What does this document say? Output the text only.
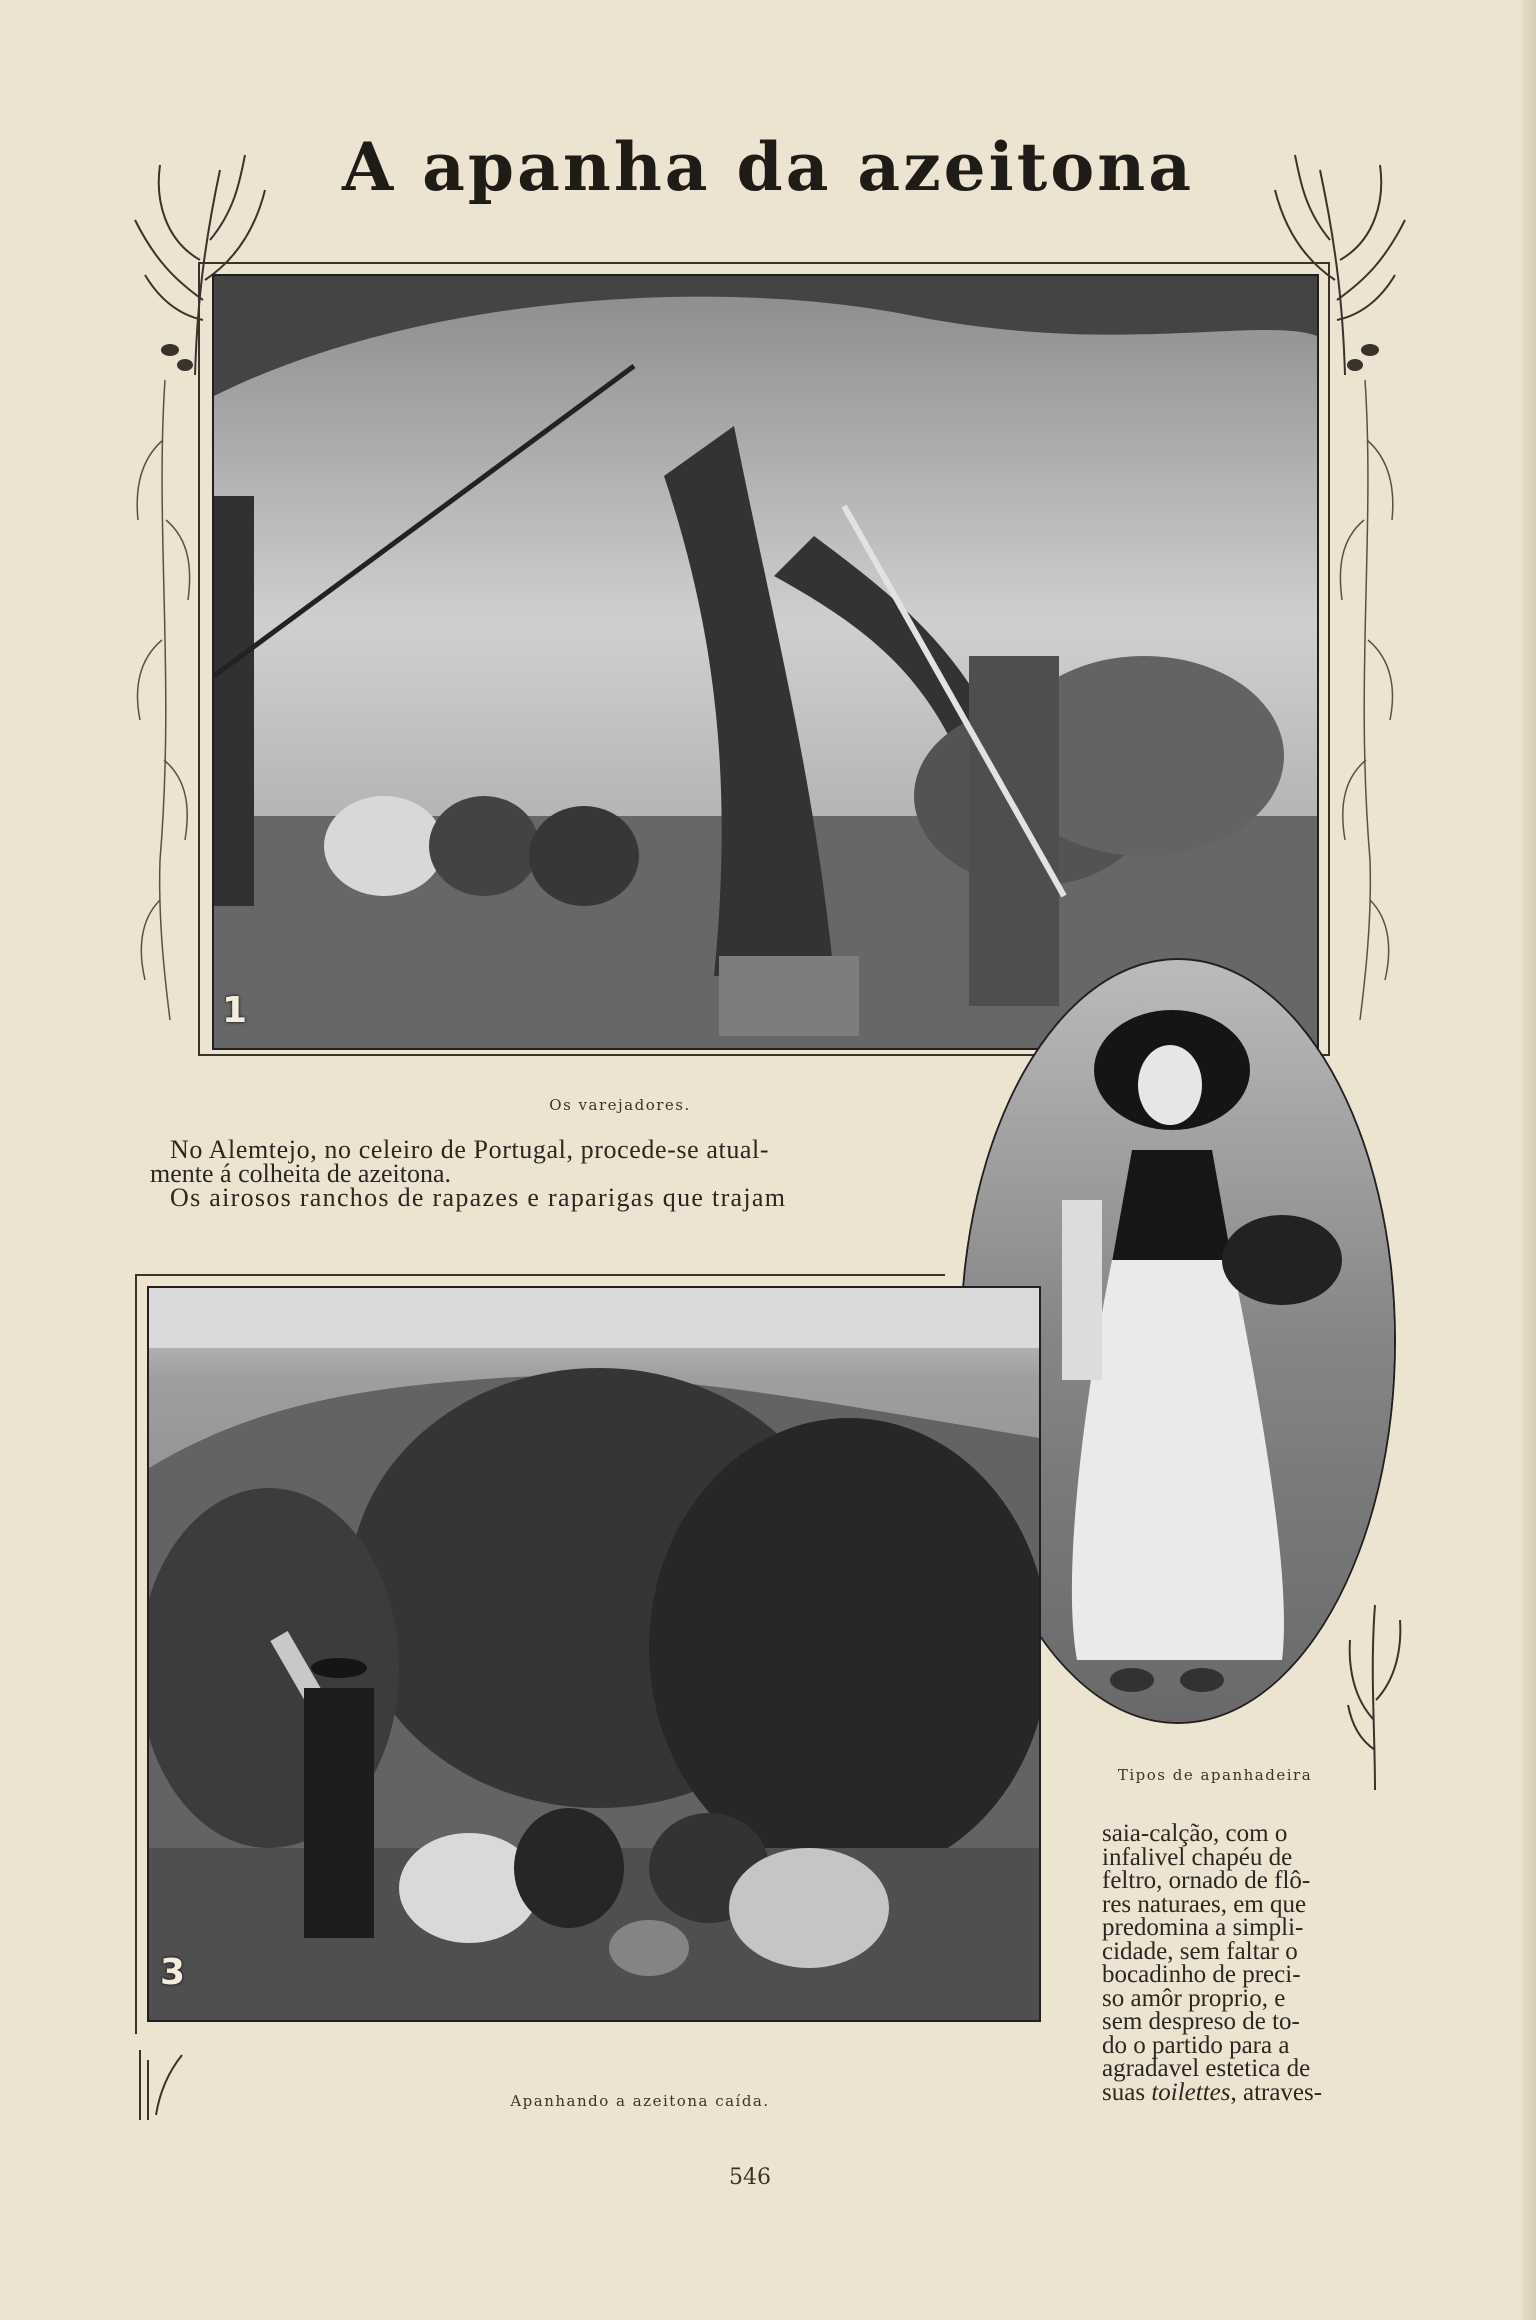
A apanha da azeitona
1
Os varejadores.

No Alemtejo, no celeiro de Portugal, procede-se atual-

mente á colheita de azeitona.

Os airosos ranchos de rapazes e raparigas que trajam

Tipos de apanhadeira
3
Apanhando a azeitona caída.
saia-calção, com o
infalivel chapéu de
feltro, ornado de flô-
res naturaes, em que
predomina a simpli-
cidade, sem faltar o
bocadinho de preci-
so amôr proprio, e
sem despreso de to-
do o partido para a
agradavel estetica de
suas toilettes, atraves-
546
